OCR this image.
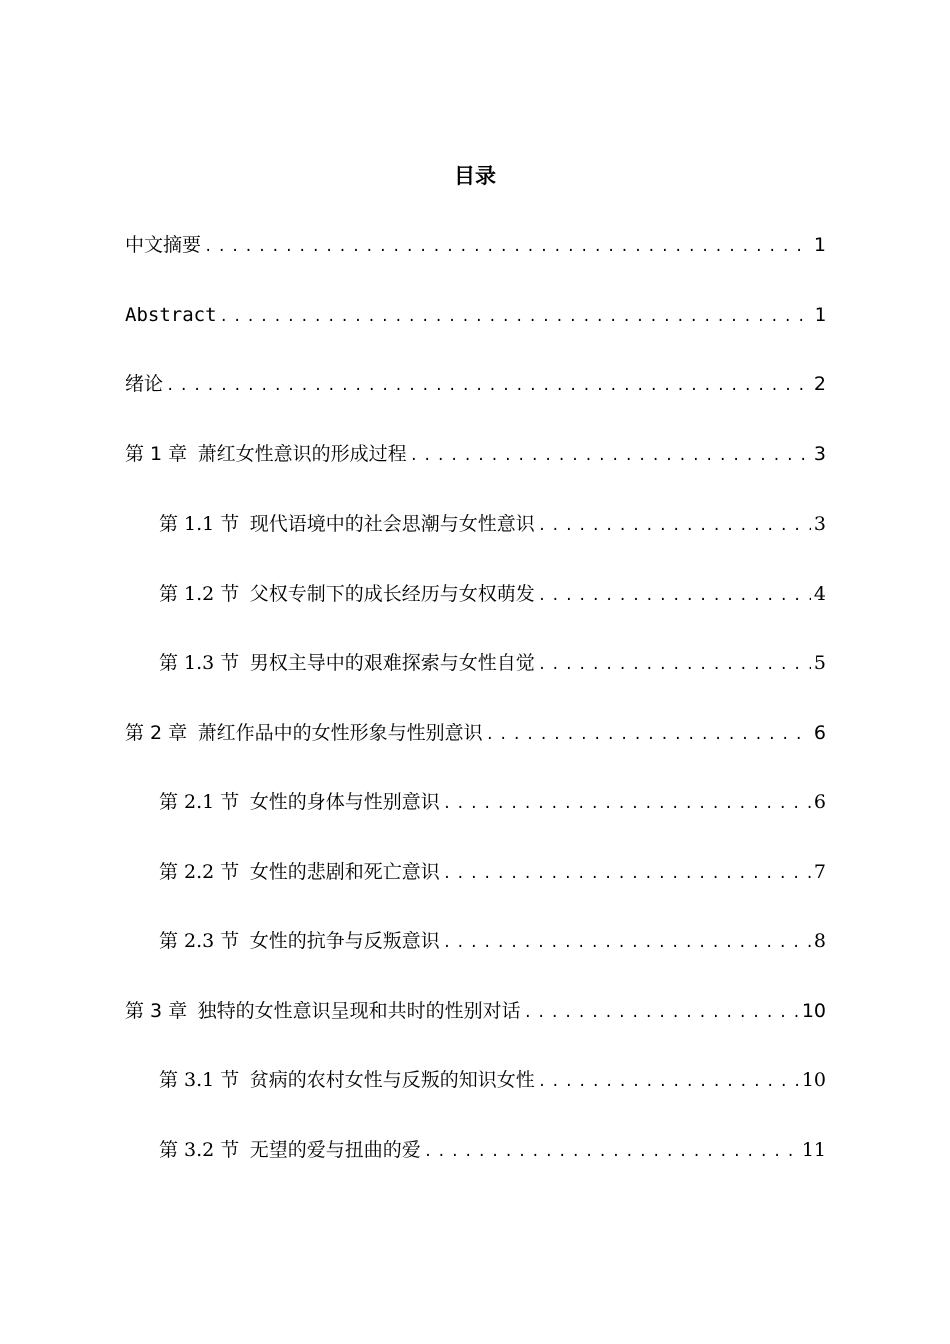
目录
中文摘要 .....	1
Abstract .....	1
绪论 .....	2
第 1 章 萧红女性意识的形成过程 .....	3
第 1.1 节 现代语境中的社会思潮与女性意识 .....	3
第 1.2 节 父权专制下的成长经历与女权萌发 .....	4
第 1.3 节 男权主导中的艰难探索与女性自觉 .....	5
第 2 章 萧红作品中的女性形象与性别意识 .....	6
第 2.1 节 女性的身体与性别意识 .....	6
第 2.2 节 女性的悲剧和死亡意识 .....	7
第 2.3 节 女性的抗争与反叛意识 .....	8
第 3 章 独特的女性意识呈现和共时的性别对话 .....	10
第 3.1 节 贫病的农村女性与反叛的知识女性 .....	10
第 3.2 节 无望的爱与扭曲的爱 .....	11
